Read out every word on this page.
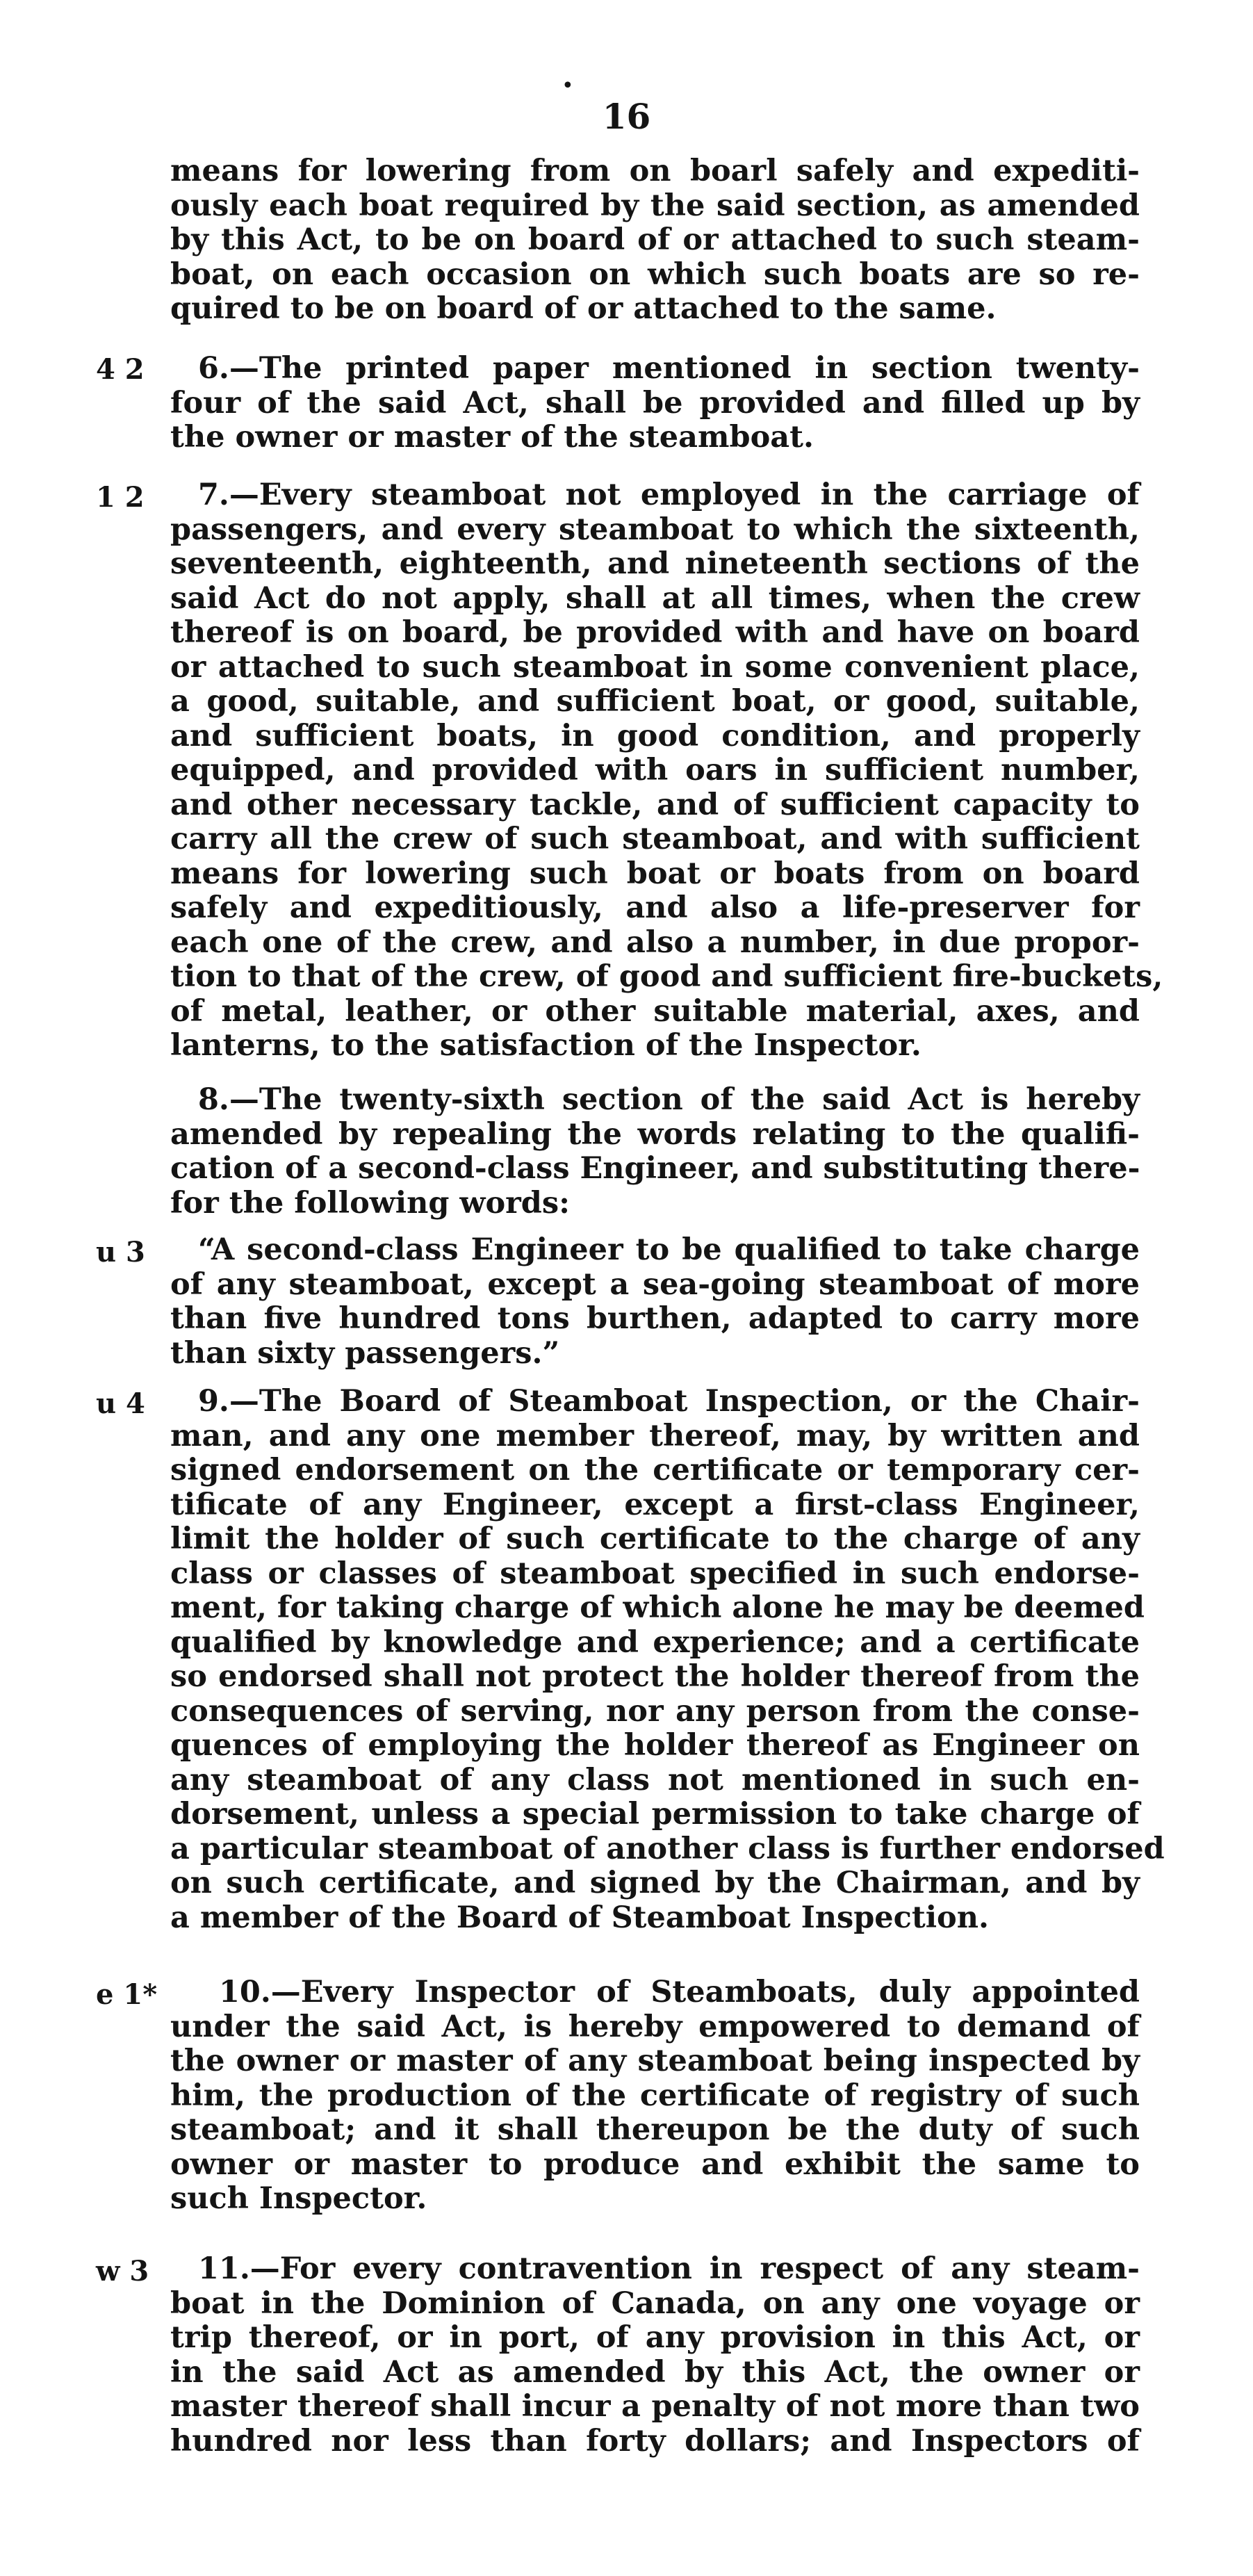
•
16
means for lowering from on boarl safely and expediti-
ously each boat required by the said section, as amended
by this Act, to be on board of or attached to such steam-
boat, on each occasion on which such boats are so re-
quired to be on board of or attached to the same.
4 2	6.—The printed paper mentioned in section twenty-
four of the said Act, shall be provided and filled up by
the owner or master of the steamboat.
1 2	7.—Every steamboat not employed in the carriage of
passengers, and every steamboat to which the sixteenth,
seventeenth, eighteenth, and nineteenth sections of the
said Act do not apply, shall at all times, when the crew
thereof is on board, be provided with and have on board
or attached to such steamboat in some convenient place,
a good, suitable, and sufficient boat, or good, suitable,
and sufficient boats, in good condition, and properly
equipped, and provided with oars in sufficient number,
and other necessary tackle, and of sufficient capacity to
carry all the crew of such steamboat, and with sufficient
means for lowering such boat or boats from on board
safely and expeditiously, and also a life-preserver for
each one of the crew, and also a number, in due propor-
tion to that of the crew, of good and sufficient fire-buckets,
of metal, leather, or other suitable material, axes, and
lanterns, to the satisfaction of the Inspector.
8.—The twenty-sixth section of the said Act is hereby
amended by repealing the words relating to the qualifi-
cation of a second-class Engineer, and substituting there-
for the following words:
u 3	“A second-class Engineer to be qualified to take charge
of any steamboat, except a sea-going steamboat of more
than five hundred tons burthen, adapted to carry more
than sixty passengers.”
u 4	9.—The Board of Steamboat Inspection, or the Chair-
man, and any one member thereof, may, by written and
signed endorsement on the certificate or temporary cer-
tificate of any Engineer, except a first-class Engineer,
limit the holder of such certificate to the charge of any
class or classes of steamboat specified in such endorse-
ment, for taking charge of which alone he may be deemed
qualified by knowledge and experience; and a certificate
so endorsed shall not protect the holder thereof from the
consequences of serving, nor any person from the conse-
quences of employing the holder thereof as Engineer on
any steamboat of any class not mentioned in such en-
dorsement, unless a special permission to take charge of
a particular steamboat of another class is further endorsed
on such certificate, and signed by the Chairman, and by
a member of the Board of Steamboat Inspection.
e 1*	10.—Every Inspector of Steamboats, duly appointed
under the said Act, is hereby empowered to demand of
the owner or master of any steamboat being inspected by
him, the production of the certificate of registry of such
steamboat; and it shall thereupon be the duty of such
owner or master to produce and exhibit the same to
such Inspector.
w 3	11.—For every contravention in respect of any steam-
boat in the Dominion of Canada, on any one voyage or
trip thereof, or in port, of any provision in this Act, or
in the said Act as amended by this Act, the owner or
master thereof shall incur a penalty of not more than two
hundred nor less than forty dollars; and Inspectors of
